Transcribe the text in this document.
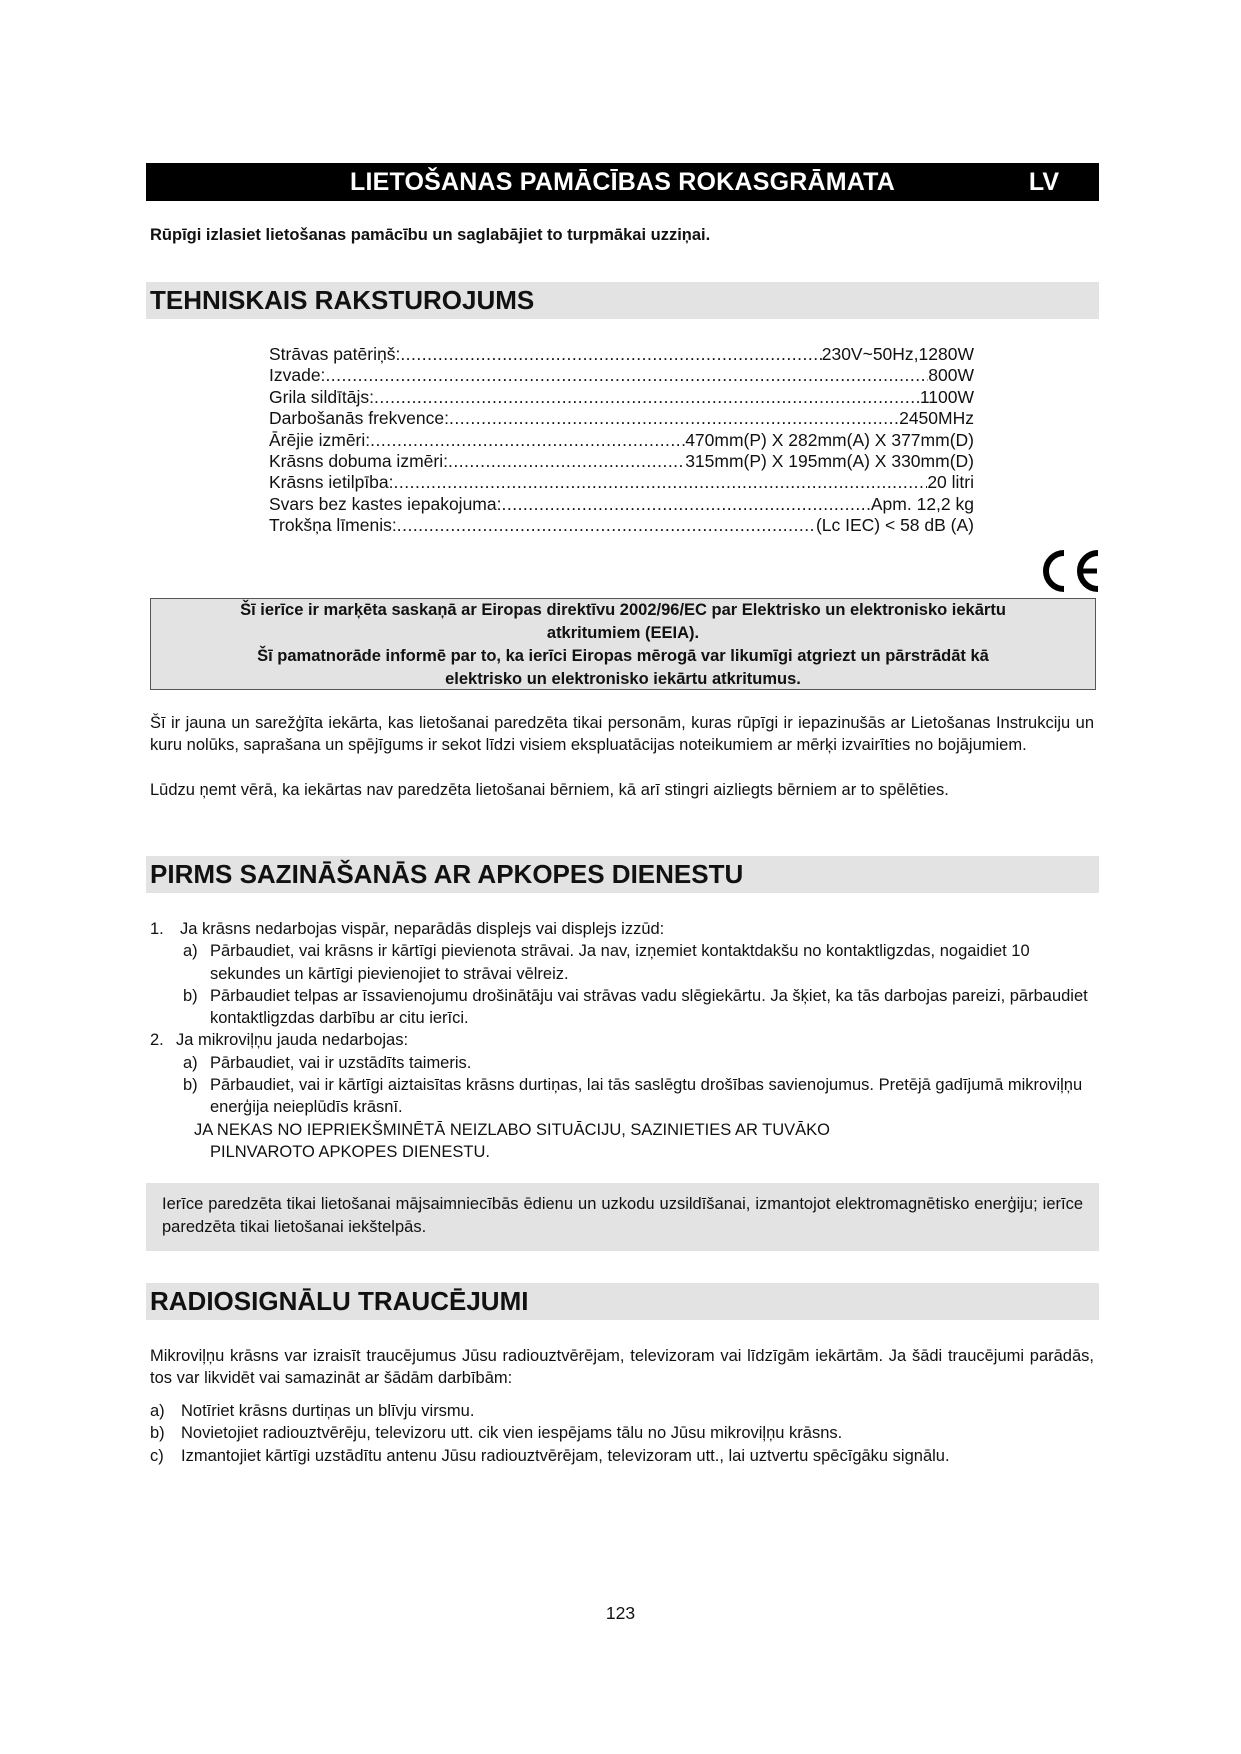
LIETOŠANAS PAMĀCĪBAS ROKASGRĀMATA	LV
Rūpīgi izlasiet lietošanas pamācību un saglabājiet to turpmākai uzziņai.
TEHNISKAIS RAKSTUROJUMS
Strāvas patēriņš: .....	230V~50Hz,1280W
Izvade: .....	800W
Grila sildītājs: .....	1100W
Darbošanās frekvence: .....	2450MHz
Ārējie izmēri: .....	470mm(P) X 282mm(A) X 377mm(D)
Krāsns dobuma izmēri: .....	315mm(P) X 195mm(A) X 330mm(D)
Krāsns ietilpība: .....	20 litri
Svars bez kastes iepakojuma: .....	Apm. 12,2 kg
Trokšņa līmenis: .....	(Lc IEC) < 58 dB (A)
Šī ierīce ir marķēta saskaņā ar Eiropas direktīvu 2002/96/EC par Elektrisko un elektronisko iekārtu
atkritumiem (EEIA).
Šī pamatnorāde informē par to, ka ierīci Eiropas mērogā var likumīgi atgriezt un pārstrādāt kā
elektrisko un elektronisko iekārtu atkritumus.
Šī ir jauna un sarežģīta iekārta, kas lietošanai paredzēta tikai personām, kuras rūpīgi ir iepazinušās ar Lietošanas Instrukciju un kuru nolūks, saprašana un spējīgums ir sekot līdzi visiem ekspluatācijas noteikumiem ar mērķi izvairīties no bojājumiem.
Lūdzu ņemt vērā, ka iekārtas nav paredzēta lietošanai bērniem, kā arī stingri aizliegts bērniem ar to spēlēties.
PIRMS SAZINĀŠANĀS AR APKOPES DIENESTU
1. Ja krāsns nedarbojas vispār, neparādās displejs vai displejs izzūd:
a) Pārbaudiet, vai krāsns ir kārtīgi pievienota strāvai. Ja nav, izņemiet kontaktdakšu no kontaktligzdas, nogaidiet 10 sekundes un kārtīgi pievienojiet to strāvai vēlreiz.
b) Pārbaudiet telpas ar īssavienojumu drošinātāju vai strāvas vadu slēgiekārtu. Ja šķiet, ka tās darbojas pareizi, pārbaudiet kontaktligzdas darbību ar citu ierīci.
2. Ja mikroviļņu jauda nedarbojas:
a) Pārbaudiet, vai ir uzstādīts taimeris.
b) Pārbaudiet, vai ir kārtīgi aiztaisītas krāsns durtiņas, lai tās saslēgtu drošības savienojumus. Pretējā gadījumā mikroviļņu enerģija neieplūdīs krāsnī.
JA NEKAS NO IEPRIEKŠMINĒTĀ NEIZLABO SITUĀCIJU, SAZINIETIES AR TUVĀKO
PILNVAROTO APKOPES DIENESTU.
Ierīce paredzēta tikai lietošanai mājsaimniecībās ēdienu un uzkodu uzsildīšanai, izmantojot elektromagnētisko enerģiju; ierīce paredzēta tikai lietošanai iekštelpās.
RADIOSIGNĀLU TRAUCĒJUMI
Mikroviļņu krāsns var izraisīt traucējumus Jūsu radiouztvērējam, televizoram vai līdzīgām iekārtām. Ja šādi traucējumi parādās, tos var likvidēt vai samazināt ar šādām darbībām:
a) Notīriet krāsns durtiņas un blīvju virsmu.
b) Novietojiet radiouztvērēju, televizoru utt. cik vien iespējams tālu no Jūsu mikroviļņu krāsns.
c) Izmantojiet kārtīgi uzstādītu antenu Jūsu radiouztvērējam, televizoram utt., lai uztvertu spēcīgāku signālu.
123
